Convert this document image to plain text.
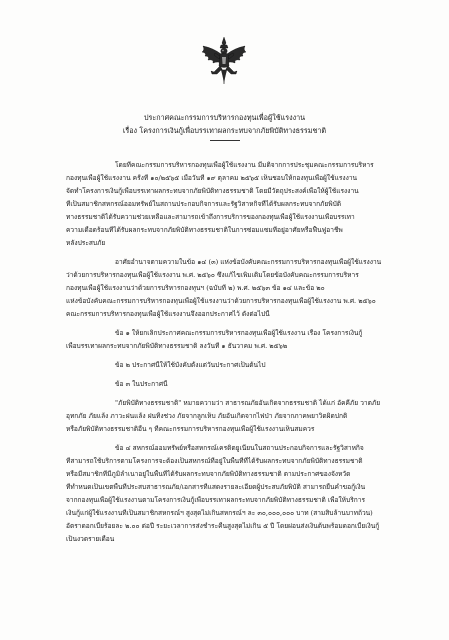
ประกาศคณะกรรมการบริหารกองทุนเพื่อผู้ใช้แรงงาน
เรื่อง โครงการเงินกู้เพื่อบรรเทาผลกระทบจากภัยพิบัติทางธรรมชาติ
โดยที่คณะกรรมการบริหารกองทุนเพื่อผู้ใช้แรงงาน มีมติจากการประชุมคณะกรรมการบริหาร
กองทุนเพื่อผู้ใช้แรงงาน ครั้งที่ ๑๐/๒๕๖๕ เมื่อวันที่ ๑๙ ตุลาคม ๒๕๖๕ เห็นชอบให้กองทุนเพื่อผู้ใช้แรงงาน
จัดทำโครงการเงินกู้เพื่อบรรเทาผลกระทบจากภัยพิบัติทางธรรมชาติ โดยมีวัตถุประสงค์เพื่อให้ผู้ใช้แรงงาน
ที่เป็นสมาชิกสหกรณ์ออมทรัพย์ในสถานประกอบกิจการและรัฐวิสาหกิจที่ได้รับผลกระทบจากภัยพิบัติ
ทางธรรมชาติได้รับความช่วยเหลือและสามารถเข้าถึงการบริการของกองทุนเพื่อผู้ใช้แรงงานเพื่อบรรเทา
ความเดือดร้อนที่ได้รับผลกระทบจากภัยพิบัติทางธรรมชาติในการซ่อมแซมที่อยู่อาศัยหรือฟื้นฟูอาชีพ
หลังประสบภัย
อาศัยอำนาจตามความในข้อ ๑๔ (๓) แห่งข้อบังคับคณะกรรมการบริหารกองทุนเพื่อผู้ใช้แรงงาน
ว่าด้วยการบริหารกองทุนเพื่อผู้ใช้แรงงาน พ.ศ. ๒๕๖๐ ซึ่งแก้ไขเพิ่มเติมโดยข้อบังคับคณะกรรมการบริหาร
กองทุนเพื่อผู้ใช้แรงงานว่าด้วยการบริหารกองทุนฯ (ฉบับที่ ๒) พ.ศ. ๒๕๖๓ ข้อ ๑๔ และข้อ ๒๐
แห่งข้อบังคับคณะกรรมการบริหารกองทุนเพื่อผู้ใช้แรงงานว่าด้วยการบริหารกองทุนเพื่อผู้ใช้แรงงาน พ.ศ. ๒๕๖๐
คณะกรรมการบริหารกองทุนเพื่อผู้ใช้แรงงานจึงออกประกาศไว้ ดังต่อไปนี้
ข้อ ๑ ให้ยกเลิกประกาศคณะกรรมการบริหารกองทุนเพื่อผู้ใช้แรงงาน เรื่อง โครงการเงินกู้
เพื่อบรรเทาผลกระทบจากภัยพิบัติทางธรรมชาติ ลงวันที่ ๑ ธันวาคม พ.ศ. ๒๕๖๒
ข้อ ๒ ประกาศนี้ให้ใช้บังคับตั้งแต่วันประกาศเป็นต้นไป
ข้อ ๓ ในประกาศนี้
"ภัยพิบัติทางธรรมชาติ" หมายความว่า สาธารณภัยอันเกิดจากธรรมชาติ ได้แก่ อัคคีภัย วาตภัย
อุทกภัย ภัยแล้ง ภาวะฝนแล้ง ฝนทิ้งช่วง ภัยจากลูกเห็บ ภัยอันเกิดจากไฟป่า ภัยจากภาคพยาวิดผิดปกติ
หรือภัยพิบัติทางธรรมชาติอื่น ๆ ที่คณะกรรมการบริหารกองทุนเพื่อผู้ใช้แรงงานเห็นสมควร
ข้อ ๔ สหกรณ์ออมทรัพย์หรือสหกรณ์เครดิตยูเนี่ยนในสถานประกอบกิจการและรัฐวิสาหกิจ
ที่สามารถใช้บริการตามโครงการจะต้องเป็นสหกรณ์ที่อยู่ในพื้นที่ที่ได้รับผลกระทบจากภัยพิบัติทางธรรมชาติ
หรือมีสมาชิกที่มีภูมิลำเนาอยู่ในพื้นที่ได้รับผลกระทบจากภัยพิบัติทางธรรมชาติ ตามประกาศของจังหวัด
ที่ทำหนดเป็นเขตพื้นที่ประสบสาธารณภัย/เอกสารที่แสดงรายละเอียดผู้ประสบภัยพิบัติ สามารถยื่นคำขอกู้เงิน
จากกองทุนเพื่อผู้ใช้แรงงานตามโครงการเงินกู้เพื่อบรรเทาผลกระทบจากภัยพิบัติทางธรรมชาติ เพื่อให้บริการ
เงินกู้แก่ผู้ใช้แรงงานที่เป็นสมาชิกสหกรณ์ฯ สูงสุดไม่เกินสหกรณ์ฯ ละ ๓๐,๐๐๐,๐๐๐ บาท (สามสิบล้านบาทถ้วน)
อัตราดอกเบี้ยร้อยละ ๒.๐๐ ต่อปี ระยะเวลาการส่งชำระคืนสูงสุดไม่เกิน ๕ ปี โดยผ่อนส่งเงินต้นพร้อมดอกเบี้ยเงินกู้
เป็นงวดรายเดือน
